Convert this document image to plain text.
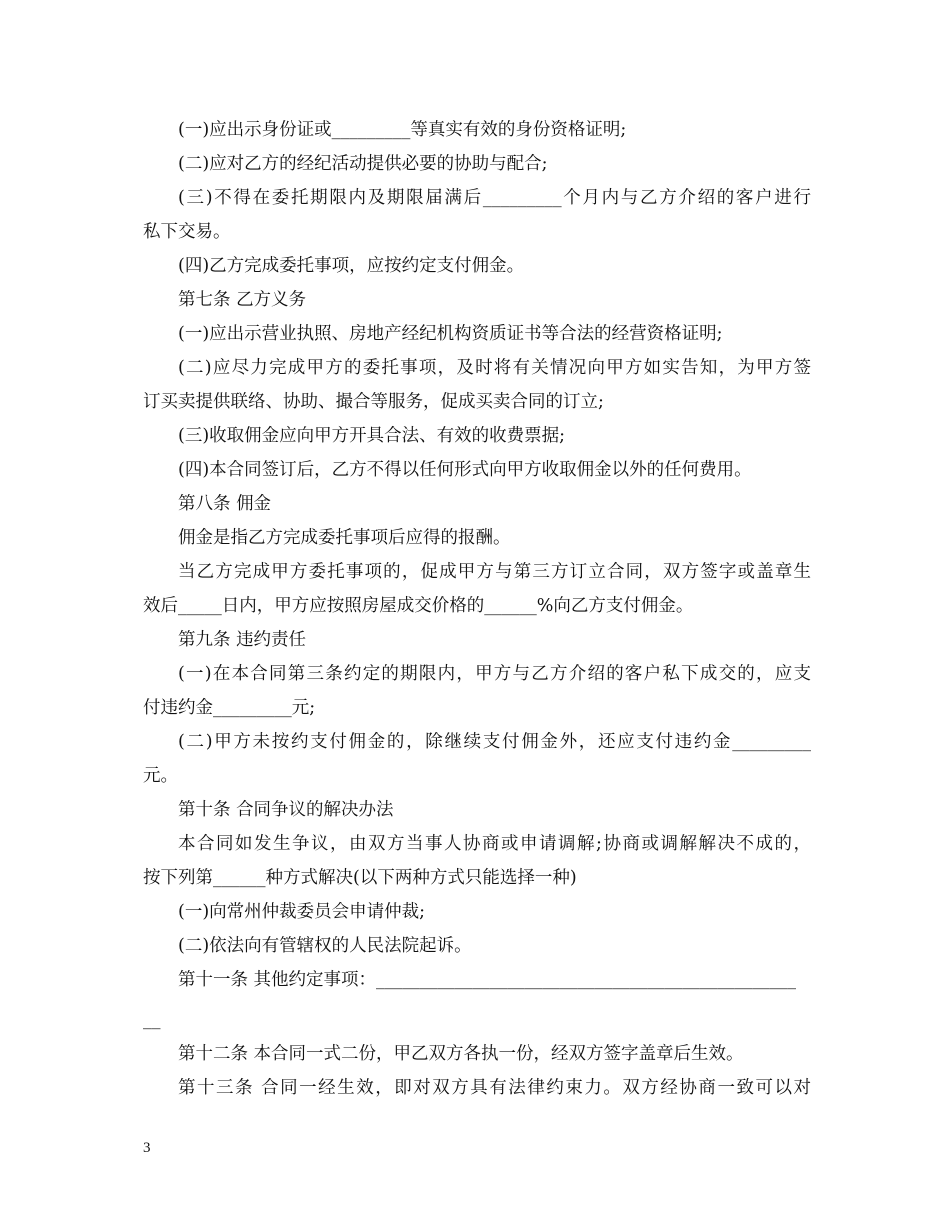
(一)应出示身份证或_________等真实有效的身份资格证明;
(二)应对乙方的经纪活动提供必要的协助与配合;
(三)不得在委托期限内及期限届满后_________个月内与乙方介绍的客户进行
私下交易。
(四)乙方完成委托事项，应按约定支付佣金。
第七条 乙方义务
(一)应出示营业执照、房地产经纪机构资质证书等合法的经营资格证明;
(二)应尽力完成甲方的委托事项，及时将有关情况向甲方如实告知，为甲方签
订买卖提供联络、协助、撮合等服务，促成买卖合同的订立;
(三)收取佣金应向甲方开具合法、有效的收费票据;
(四)本合同签订后，乙方不得以任何形式向甲方收取佣金以外的任何费用。
第八条 佣金
佣金是指乙方完成委托事项后应得的报酬。
当乙方完成甲方委托事项的，促成甲方与第三方订立合同，双方签字或盖章生
效后_____日内，甲方应按照房屋成交价格的______%向乙方支付佣金。
第九条 违约责任
(一)在本合同第三条约定的期限内，甲方与乙方介绍的客户私下成交的，应支
付违约金_________元;
(二)甲方未按约支付佣金的，除继续支付佣金外，还应支付违约金_________
元。
第十条 合同争议的解决办法
本合同如发生争议，由双方当事人协商或申请调解;协商或调解解决不成的，
按下列第______种方式解决(以下两种方式只能选择一种)
(一)向常州仲裁委员会申请仲裁;
(二)依法向有管辖权的人民法院起诉。
第十一条 其他约定事项：________________________________________________
__
第十二条 本合同一式二份，甲乙双方各执一份，经双方签字盖章后生效。
第十三条 合同一经生效，即对双方具有法律约束力。双方经协商一致可以对
3
